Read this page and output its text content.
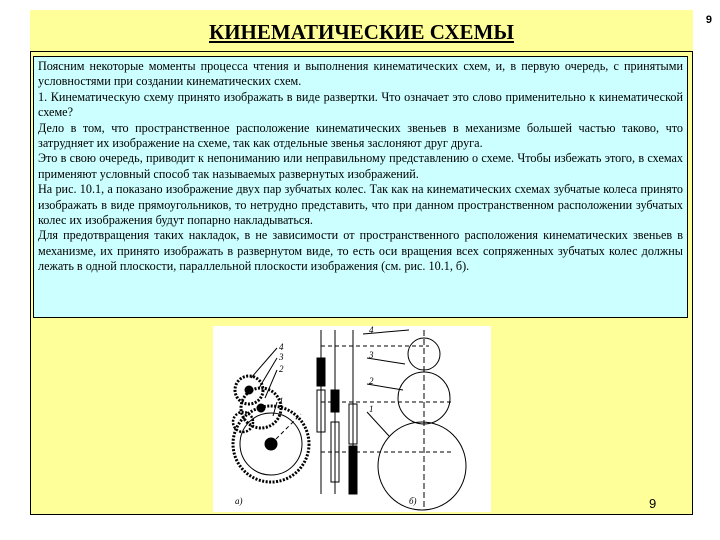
КИНЕМАТИЧЕСКИЕ СХЕМЫ	9

Поясним некоторые моменты процесса чтения и выполнения кинематических схем, и, в первую очередь, с принятыми условностями при создании кинематических схем.

1. Кинематическую схему принято изображать в виде развертки. Что означает это слово применительно к кинематической схеме?

Дело в том, что пространственное расположение кинематических звеньев в механизме большей частью таково, что затрудняет их изображение на схеме, так как отдельные звенья заслоняют друг друга.

Это в свою очередь, приводит к непониманию или неправильному представлению о схеме. Чтобы избежать этого, в схемах применяют условный способ так называемых развернутых изображений.

На рис. 10.1, а показано изображение двух пар зубчатых колес. Так как на кинематических схемах зубчатые колеса принято изображать в виде прямоугольников, то нетрудно представить, что при данном пространственном расположении зубчатых колес их изображения будут попарно накладываться.

Для предотвращения таких накладок, в не зависимости от пространственного расположения кинематических звеньев в механизме, их принято изображать в развернутом виде, то есть оси вращения всех сопряженных зубчатых колес должны лежать в одной плоскости, параллельной плоскости изображения (см. рис. 10.1, б).

4
3
2
1
а)
4
3
2
1
б)	9
